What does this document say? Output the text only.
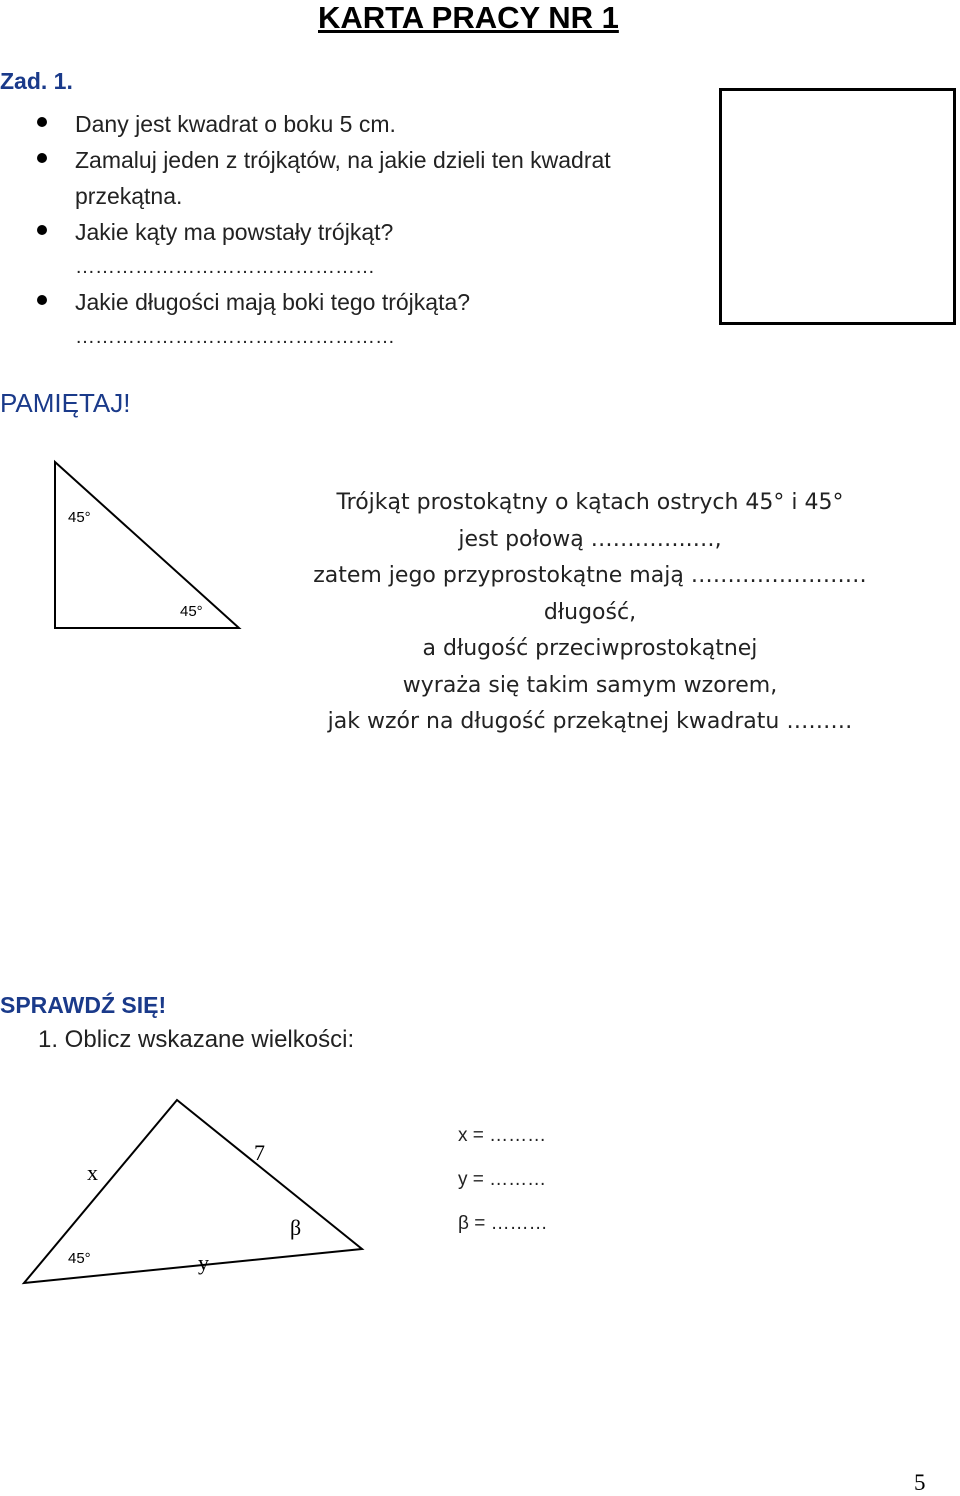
KARTA PRACY NR 1
Zad. 1.
Dany jest kwadrat o boku 5 cm.
Zamaluj jeden z trójkątów, na jakie dzieli ten kwadrat przekątna.
Jakie kąty ma powstały trójkąt?
………………………………………
Jakie długości mają boki tego trójkąta?
…………………………………………
PAMIĘTAJ!
45°
45°
Trójkąt prostokątny o kątach ostrych 45° i 45°
jest połową …………..…,
zatem jego przyprostokątne mają ……………………
długość,
a długość przeciwprostokątnej
wyraża się takim samym wzorem,
jak wzór na długość przekątnej kwadratu ………
SPRAWDŹ SIĘ!
1. Oblicz wskazane wielkości:
x
7
β
45°	y
x = ………
y = ………
β = ………
5
